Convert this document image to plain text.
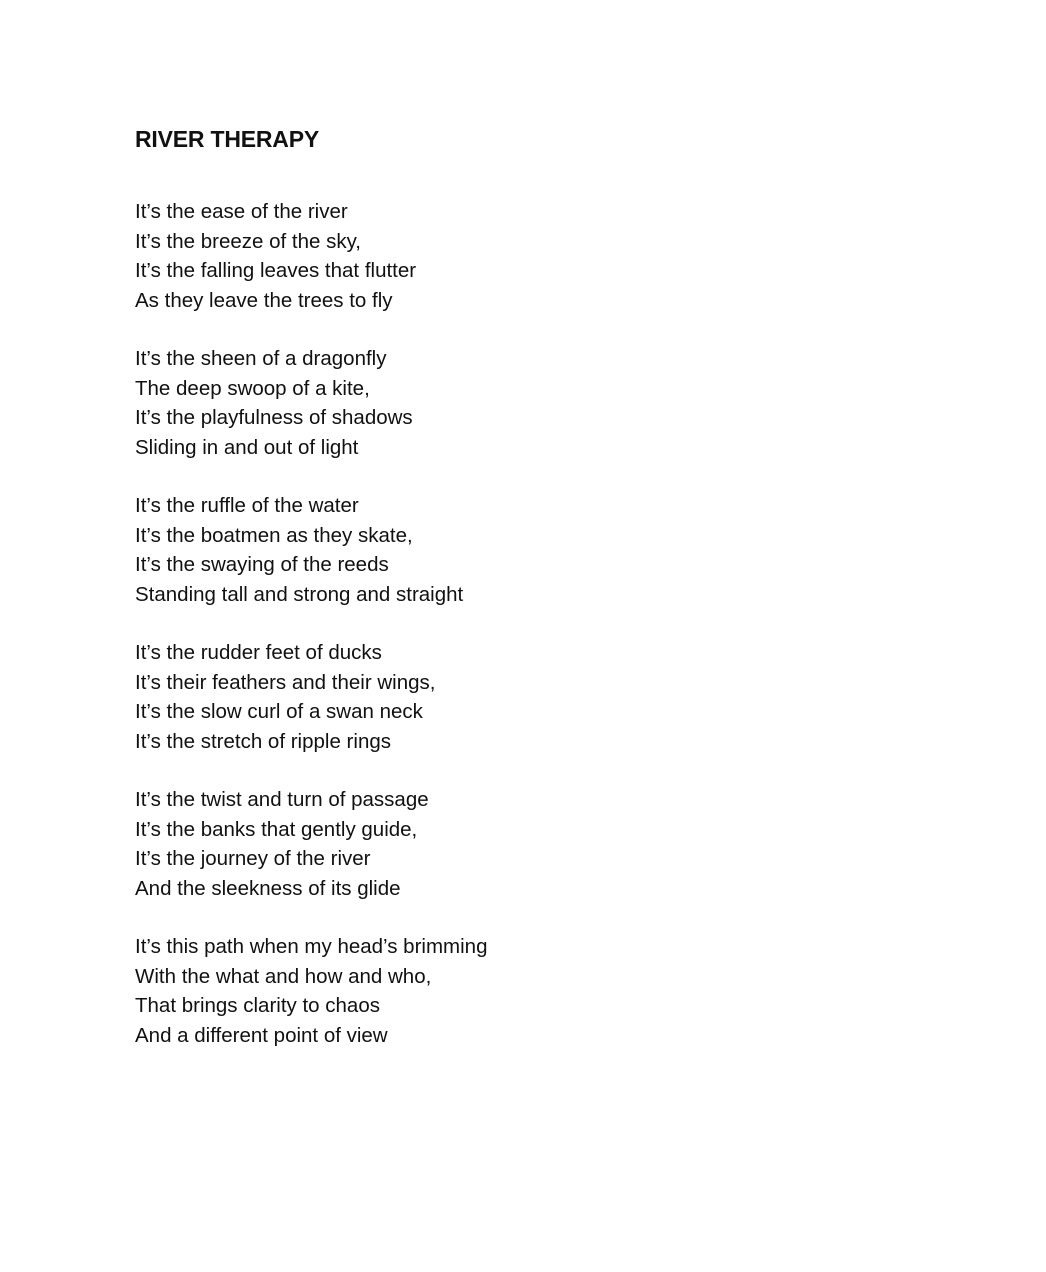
RIVER THERAPY
It’s the ease of the river
It’s the breeze of the sky,
It’s the falling leaves that flutter
As they leave the trees to fly
It’s the sheen of a dragonfly
The deep swoop of a kite,
It’s the playfulness of shadows
Sliding in and out of light
It’s the ruffle of the water
It’s the boatmen as they skate,
It’s the swaying of the reeds
Standing tall and strong and straight
It’s the rudder feet of ducks
It’s their feathers and their wings,
It’s the slow curl of a swan neck
It’s the stretch of ripple rings
It’s the twist and turn of passage
It’s the banks that gently guide,
It’s the journey of the river
And the sleekness of its glide
It’s this path when my head’s brimming
With the what and how and who,
That brings clarity to chaos
And a different point of view
